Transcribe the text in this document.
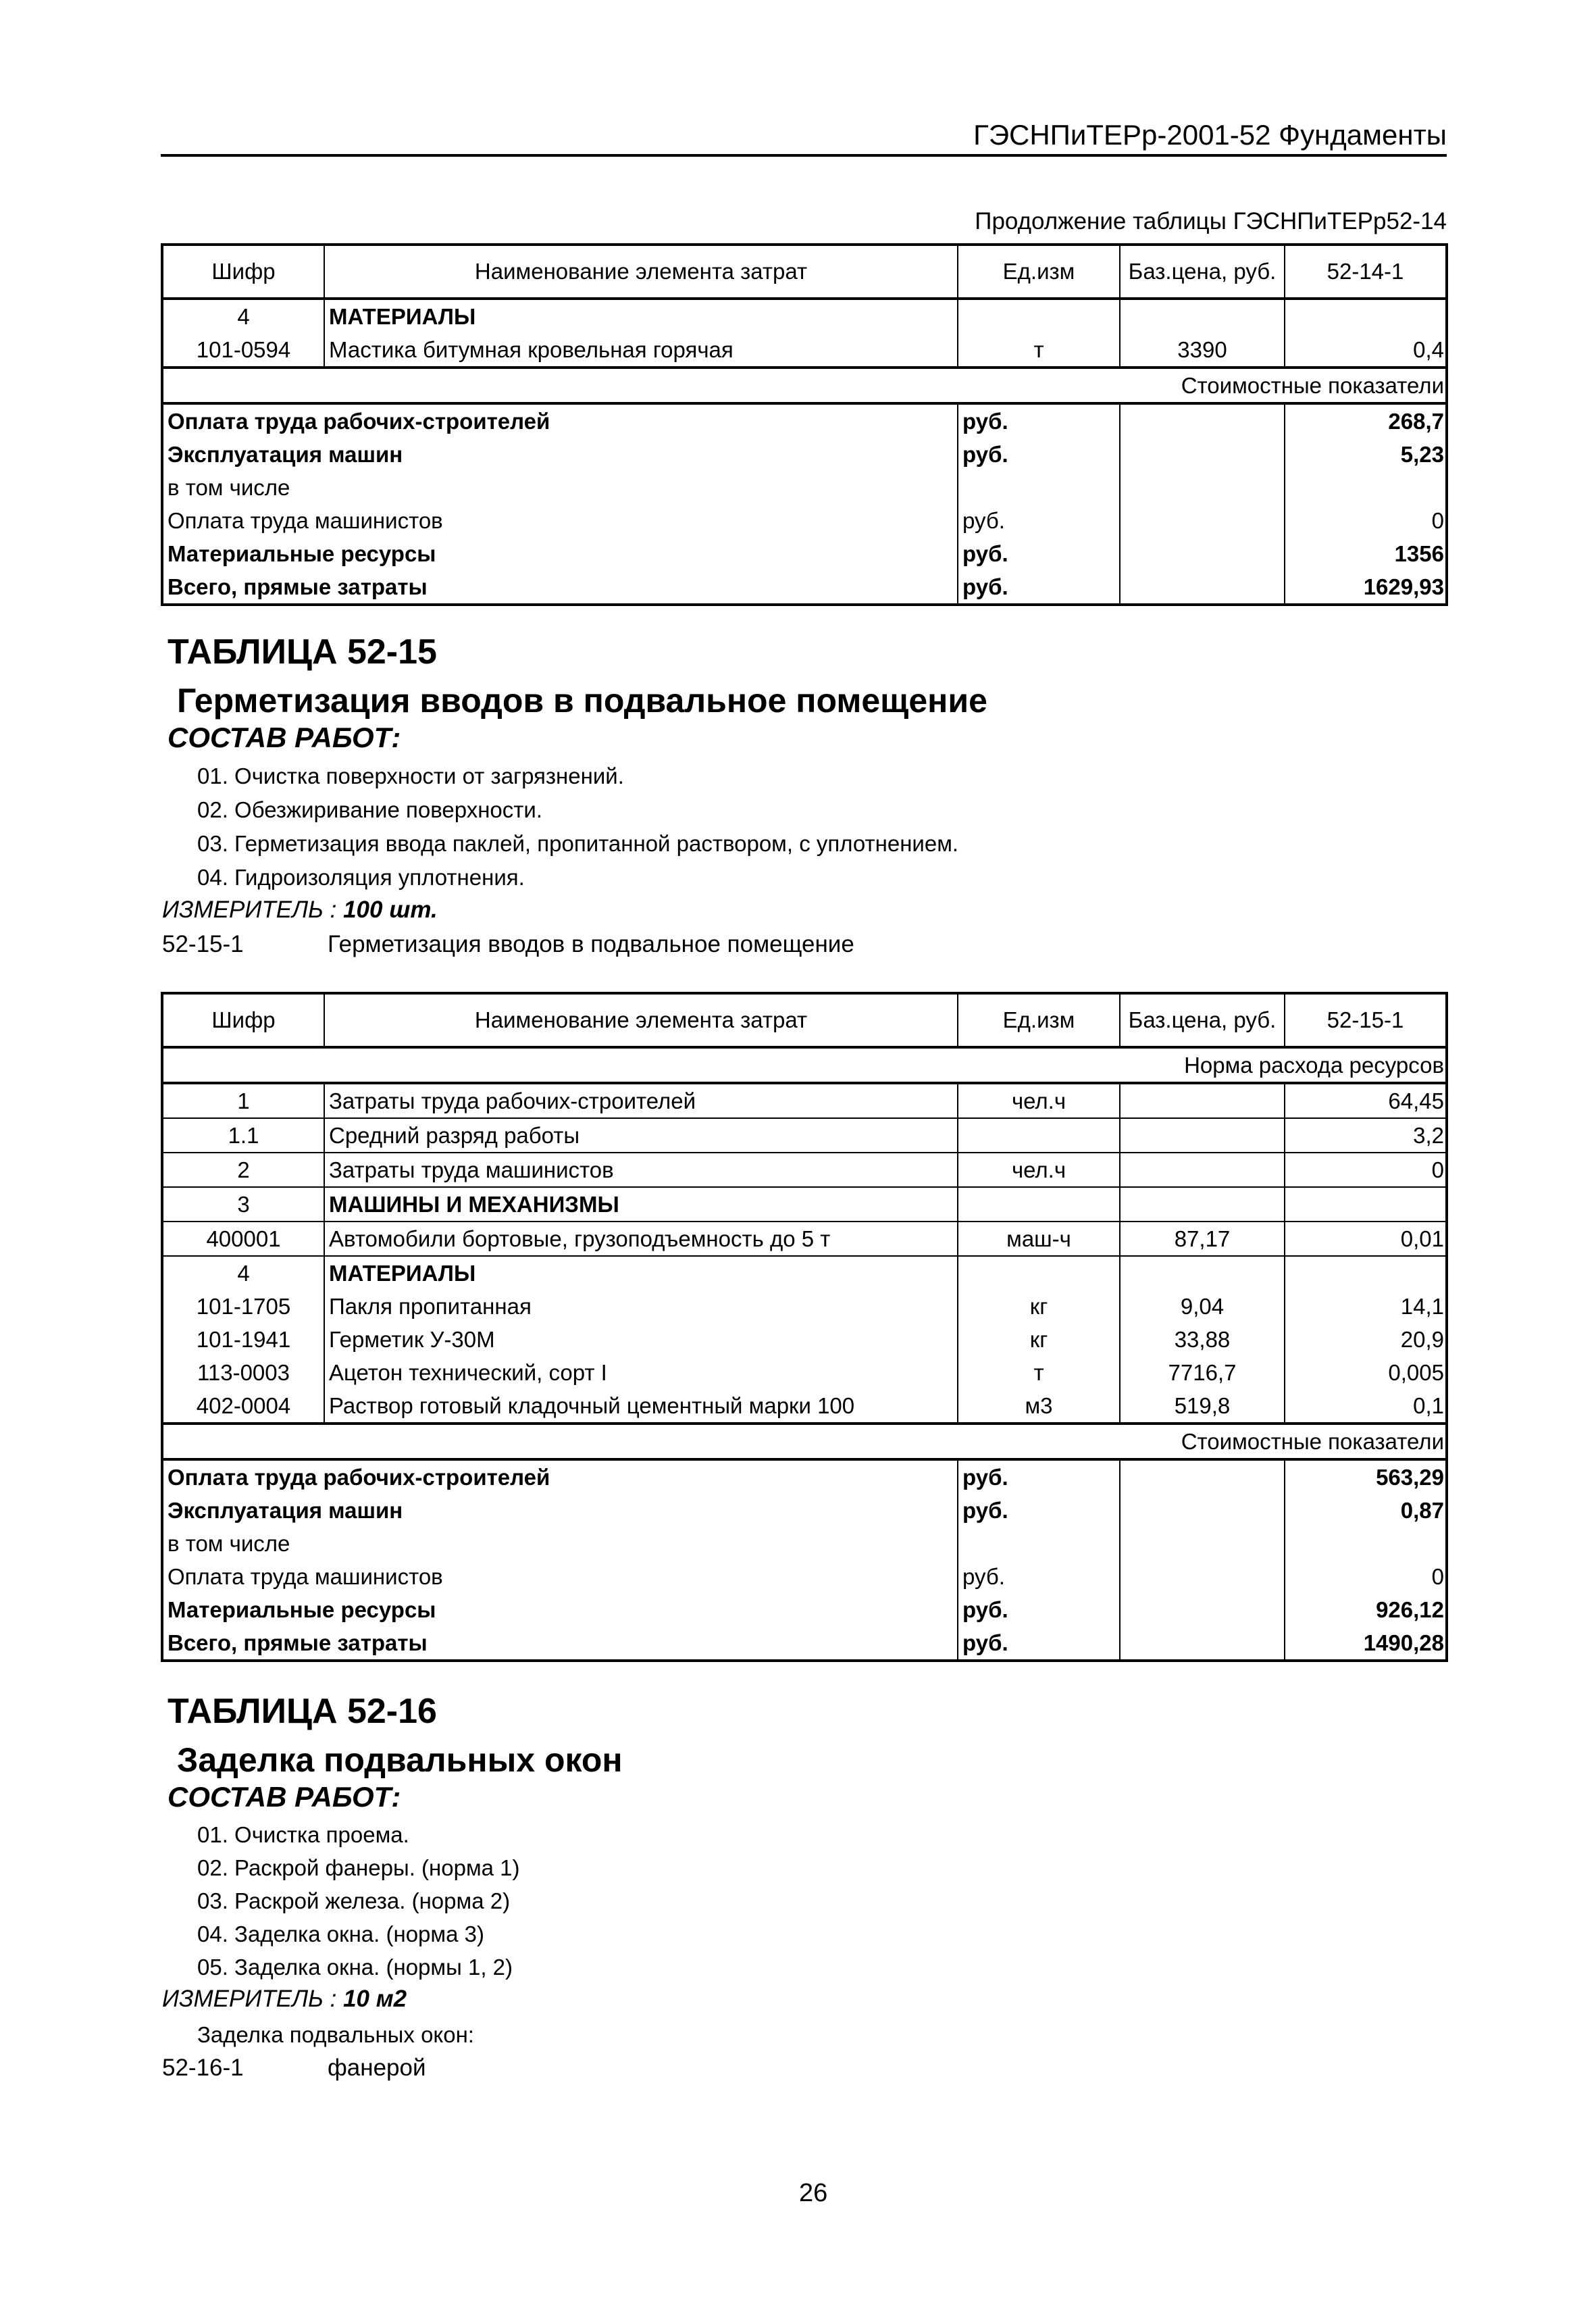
ГЭСНПиТЕРр-2001-52 Фундаменты
Продолжение таблицы ГЭСНПиТЕРр52-14
Шифр	Наименование элемента затрат	Ед.изм	Баз.цена, руб.	52-14-1
4	МАТЕРИАЛЫ			
101-0594	Мастика битумная кровельная горячая	т	3390	0,4
Стоимостные показатели				
Оплата труда рабочих-строителей		руб.		268,7
Эксплуатация машин		руб.		5,23
в том числе				
Оплата труда машинистов		руб.		0
Материальные ресурсы		руб.		1356
Всего, прямые затраты		руб.		1629,93
ТАБЛИЦА 52-15
Герметизация вводов в подвальное помещение
СОСТАВ РАБОТ:
01. Очистка поверхности от загрязнений.
02. Обезжиривание поверхности.
03. Герметизация ввода паклей, пропитанной раствором, с уплотнением.
04. Гидроизоляция уплотнения.
ИЗМЕРИТЕЛЬ : 100 шт.
52-15-1	Герметизация вводов в подвальное помещение
Шифр	Наименование элемента затрат	Ед.изм	Баз.цена, руб.	52-15-1
Норма расхода ресурсов				
1	Затраты труда рабочих-строителей	чел.ч		64,45
1.1	Средний разряд работы			3,2
2	Затраты труда машинистов	чел.ч		0
3	МАШИНЫ И МЕХАНИЗМЫ			
400001	Автомобили бортовые, грузоподъемность до 5 т	маш-ч	87,17	0,01
4	МАТЕРИАЛЫ			
101-1705	Пакля пропитанная	кг	9,04	14,1
101-1941	Герметик У-30М	кг	33,88	20,9
113-0003	Ацетон технический, сорт I	т	7716,7	0,005
402-0004	Раствор готовый кладочный цементный марки 100	м3	519,8	0,1
Стоимостные показатели				
Оплата труда рабочих-строителей		руб.		563,29
Эксплуатация машин		руб.		0,87
в том числе				
Оплата труда машинистов		руб.		0
Материальные ресурсы		руб.		926,12
Всего, прямые затраты		руб.		1490,28
ТАБЛИЦА 52-16
Заделка подвальных окон
СОСТАВ РАБОТ:
01. Очистка проема.
02. Раскрой фанеры. (норма 1)
03. Раскрой железа. (норма 2)
04. Заделка окна. (норма 3)
05. Заделка окна. (нормы 1, 2)
ИЗМЕРИТЕЛЬ : 10 м2
Заделка подвальных окон:
52-16-1	фанерой
26
